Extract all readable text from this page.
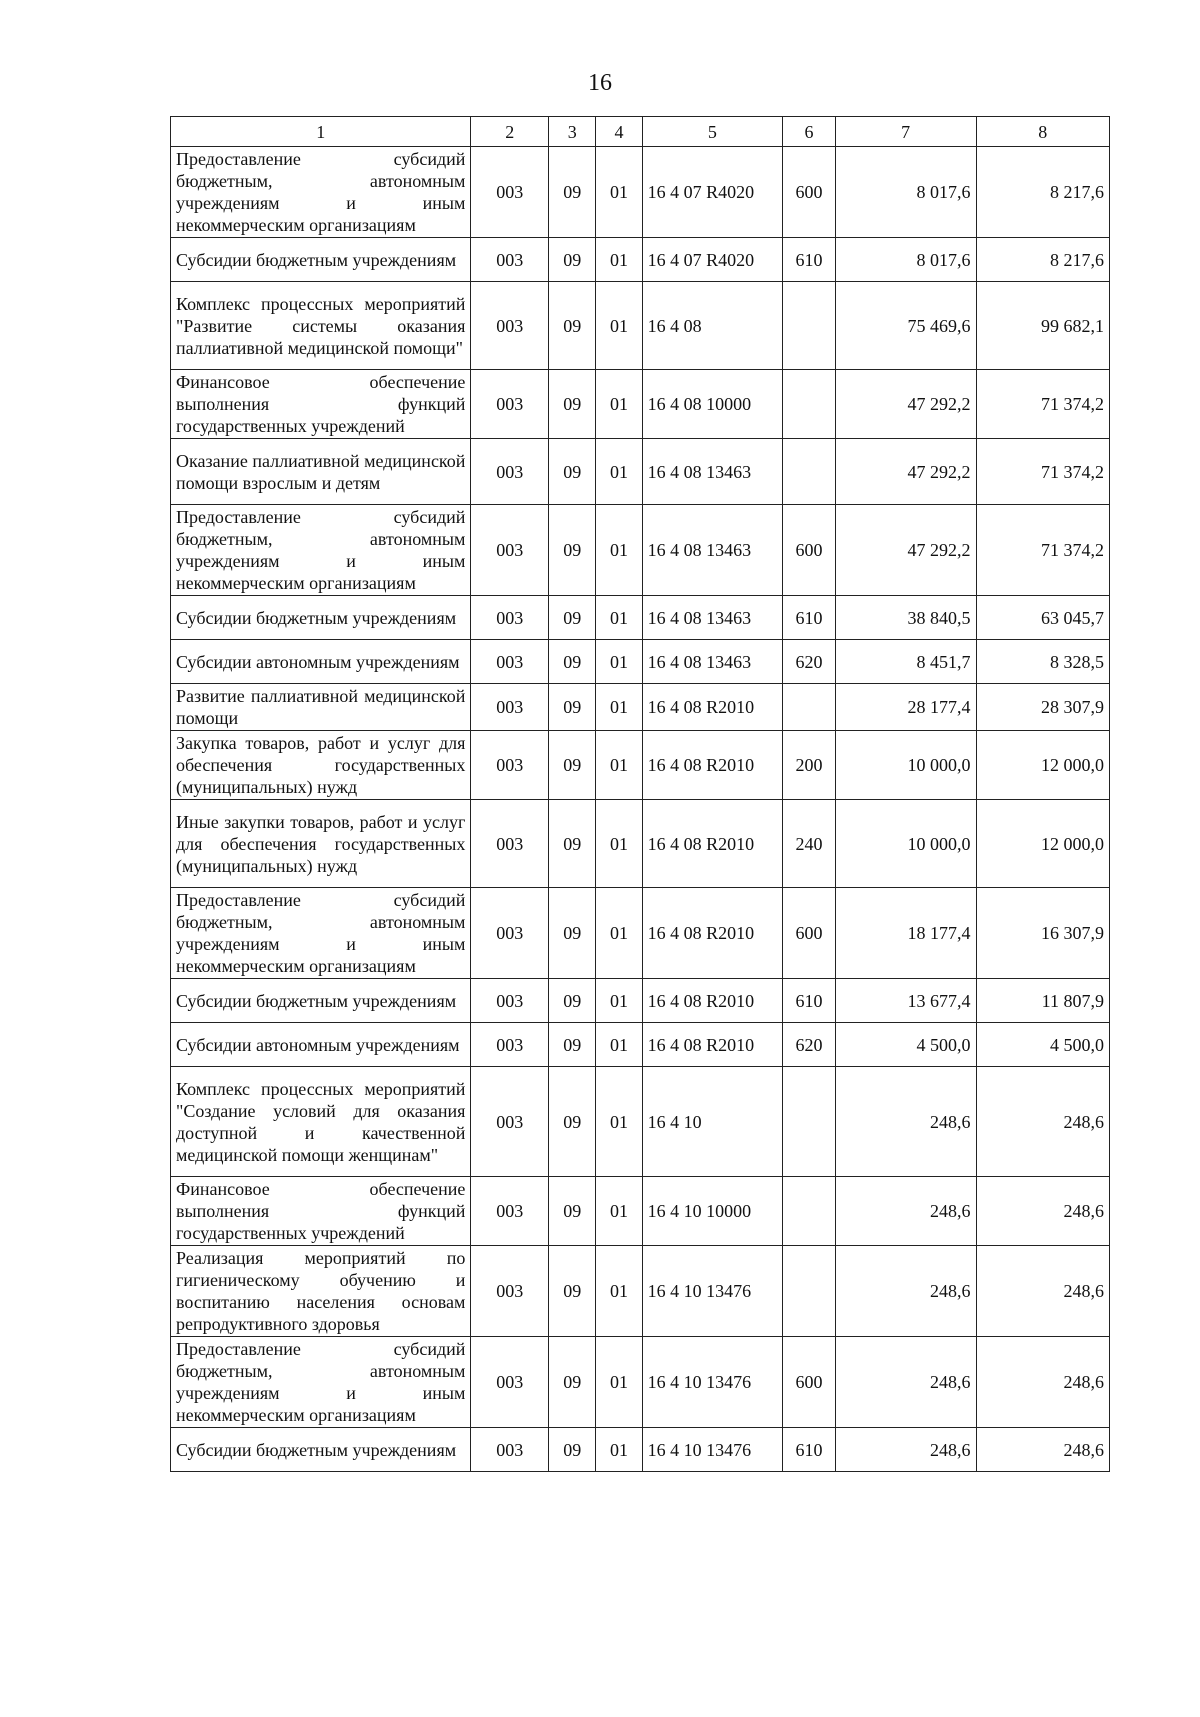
16
1	2	3	4	5	6	7	8
Предоставление субсидий бюджетным, автономным учреждениям и иным некоммерческим организациям	003	09	01	16 4 07 R4020	600	8 017,6	8 217,6
Субсидии бюджетным учреждениям	003	09	01	16 4 07 R4020	610	8 017,6	8 217,6
Комплекс процессных мероприятий "Развитие системы оказания паллиативной медицинской помощи"	003	09	01	16 4 08		75 469,6	99 682,1
Финансовое обеспечение выполнения функций государственных учреждений	003	09	01	16 4 08 10000		47 292,2	71 374,2
Оказание паллиативной медицинской помощи взрослым и детям	003	09	01	16 4 08 13463		47 292,2	71 374,2
Предоставление субсидий бюджетным, автономным учреждениям и иным некоммерческим организациям	003	09	01	16 4 08 13463	600	47 292,2	71 374,2
Субсидии бюджетным учреждениям	003	09	01	16 4 08 13463	610	38 840,5	63 045,7
Субсидии автономным учреждениям	003	09	01	16 4 08 13463	620	8 451,7	8 328,5
Развитие паллиативной медицинской помощи	003	09	01	16 4 08 R2010		28 177,4	28 307,9
Закупка товаров, работ и услуг для обеспечения государственных (муниципальных) нужд	003	09	01	16 4 08 R2010	200	10 000,0	12 000,0
Иные закупки товаров, работ и услуг для обеспечения государственных (муниципальных) нужд	003	09	01	16 4 08 R2010	240	10 000,0	12 000,0
Предоставление субсидий бюджетным, автономным учреждениям и иным некоммерческим организациям	003	09	01	16 4 08 R2010	600	18 177,4	16 307,9
Субсидии бюджетным учреждениям	003	09	01	16 4 08 R2010	610	13 677,4	11 807,9
Субсидии автономным учреждениям	003	09	01	16 4 08 R2010	620	4 500,0	4 500,0
Комплекс процессных мероприятий "Создание условий для оказания доступной и качественной медицинской помощи женщинам"	003	09	01	16 4 10		248,6	248,6
Финансовое обеспечение выполнения функций государственных учреждений	003	09	01	16 4 10 10000		248,6	248,6
Реализация мероприятий по гигиеническому обучению и воспитанию населения основам репродуктивного здоровья	003	09	01	16 4 10 13476		248,6	248,6
Предоставление субсидий бюджетным, автономным учреждениям и иным некоммерческим организациям	003	09	01	16 4 10 13476	600	248,6	248,6
Субсидии бюджетным учреждениям	003	09	01	16 4 10 13476	610	248,6	248,6
